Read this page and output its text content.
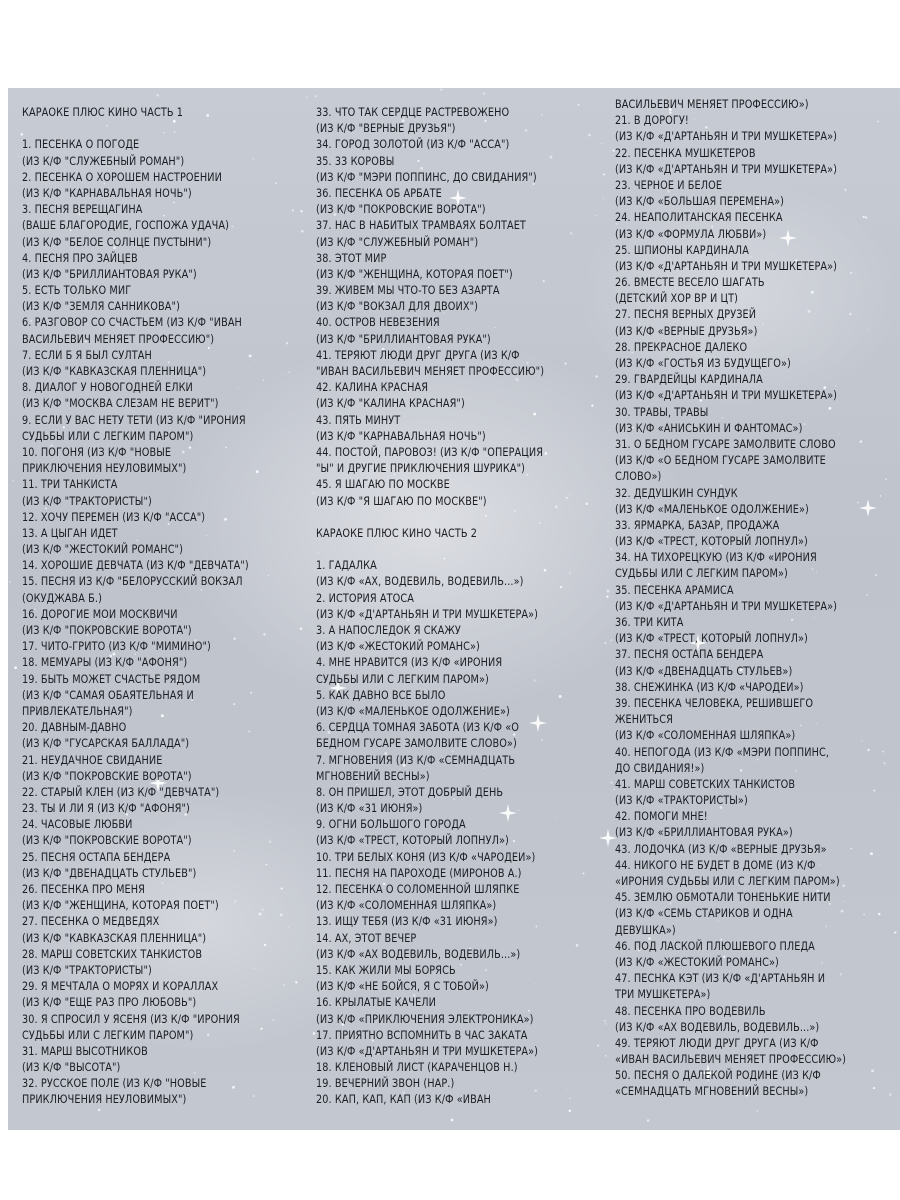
КАРАОКЕ ПЛЮС КИНО ЧАСТЬ 1
1. ПЕСЕНКА О ПОГОДЕ
(ИЗ К/Ф "СЛУЖЕБНЫЙ РОМАН")
2. ПЕСЕНКА О ХОРОШЕМ НАСТРОЕНИИ
(ИЗ К/Ф "КАРНАВАЛЬНАЯ НОЧЬ")
3. ПЕСНЯ ВЕРЕЩАГИНА
(ВАШЕ БЛАГОРОДИЕ, ГОСПОЖА УДАЧА)
(ИЗ К/Ф "БЕЛОЕ СОЛНЦЕ ПУСТЫНИ")
4. ПЕСНЯ ПРО ЗАЙЦЕВ
(ИЗ К/Ф "БРИЛЛИАНТОВАЯ РУКА")
5. ЕСТЬ ТОЛЬКО МИГ
(ИЗ К/Ф "ЗЕМЛЯ САННИКОВА")
6. РАЗГОВОР СО СЧАСТЬЕМ (ИЗ К/Ф "ИВАН
ВАСИЛЬЕВИЧ МЕНЯЕТ ПРОФЕССИЮ")
7. ЕСЛИ Б Я БЫЛ СУЛТАН
(ИЗ К/Ф "КАВКАЗСКАЯ ПЛЕННИЦА")
8. ДИАЛОГ У НОВОГОДНЕЙ ЕЛКИ
(ИЗ К/Ф "МОСКВА СЛЕЗАМ НЕ ВЕРИТ")
9. ЕСЛИ У ВАС НЕТУ ТЕТИ (ИЗ К/Ф "ИРОНИЯ
СУДЬБЫ ИЛИ С ЛЕГКИМ ПАРОМ")
10. ПОГОНЯ (ИЗ К/Ф "НОВЫЕ
ПРИКЛЮЧЕНИЯ НЕУЛОВИМЫХ")
11. ТРИ ТАНКИСТА
(ИЗ К/Ф "ТРАКТОРИСТЫ")
12. ХОЧУ ПЕРЕМЕН (ИЗ К/Ф "АССА")
13. А ЦЫГАН ИДЕТ
(ИЗ К/Ф "ЖЕСТОКИЙ РОМАНС")
14. ХОРОШИЕ ДЕВЧАТА (ИЗ К/Ф "ДЕВЧАТА")
15. ПЕСНЯ ИЗ К/Ф "БЕЛОРУССКИЙ ВОКЗАЛ
(ОКУДЖАВА Б.)
16. ДОРОГИЕ МОИ МОСКВИЧИ
(ИЗ К/Ф "ПОКРОВСКИЕ ВОРОТА")
17. ЧИТО-ГРИТО (ИЗ К/Ф "МИМИНО")
18. МЕМУАРЫ (ИЗ К/Ф "АФОНЯ")
19. БЫТЬ МОЖЕТ СЧАСТЬЕ РЯДОМ
(ИЗ К/Ф "САМАЯ ОБАЯТЕЛЬНАЯ И
ПРИВЛЕКАТЕЛЬНАЯ")
20. ДАВНЫМ-ДАВНО
(ИЗ К/Ф "ГУСАРСКАЯ БАЛЛАДА")
21. НЕУДАЧНОЕ СВИДАНИЕ
(ИЗ К/Ф "ПОКРОВСКИЕ ВОРОТА")
22. СТАРЫЙ КЛЕН (ИЗ К/Ф "ДЕВЧАТА")
23. ТЫ И ЛИ Я (ИЗ К/Ф "АФОНЯ")
24. ЧАСОВЫЕ ЛЮБВИ
(ИЗ К/Ф "ПОКРОВСКИЕ ВОРОТА")
25. ПЕСНЯ ОСТАПА БЕНДЕРА
(ИЗ К/Ф "ДВЕНАДЦАТЬ СТУЛЬЕВ")
26. ПЕСЕНКА ПРО МЕНЯ
(ИЗ К/Ф "ЖЕНЩИНА, КОТОРАЯ ПОЕТ")
27. ПЕСЕНКА О МЕДВЕДЯХ
(ИЗ К/Ф "КАВКАЗСКАЯ ПЛЕННИЦА")
28. МАРШ СОВЕТСКИХ ТАНКИСТОВ
(ИЗ К/Ф "ТРАКТОРИСТЫ")
29. Я МЕЧТАЛА О МОРЯХ И КОРАЛЛАХ
(ИЗ К/Ф "ЕЩЕ РАЗ ПРО ЛЮБОВЬ")
30. Я СПРОСИЛ У ЯСЕНЯ (ИЗ К/Ф "ИРОНИЯ
СУДЬБЫ ИЛИ С ЛЕГКИМ ПАРОМ")
31. МАРШ ВЫСОТНИКОВ
(ИЗ К/Ф "ВЫСОТА")
32. РУССКОЕ ПОЛЕ (ИЗ К/Ф "НОВЫЕ
ПРИКЛЮЧЕНИЯ НЕУЛОВИМЫХ")
33. ЧТО ТАК СЕРДЦЕ РАСТРЕВОЖЕНО
(ИЗ К/Ф "ВЕРНЫЕ ДРУЗЬЯ")
34. ГОРОД ЗОЛОТОЙ (ИЗ К/Ф "АССА")
35. 33 КОРОВЫ
(ИЗ К/Ф "МЭРИ ПОППИНС, ДО СВИДАНИЯ")
36. ПЕСЕНКА ОБ АРБАТЕ
(ИЗ К/Ф "ПОКРОВСКИЕ ВОРОТА")
37. НАС В НАБИТЫХ ТРАМВАЯХ БОЛТАЕТ
(ИЗ К/Ф "СЛУЖЕБНЫЙ РОМАН")
38. ЭТОТ МИР
(ИЗ К/Ф "ЖЕНЩИНА, КОТОРАЯ ПОЕТ")
39. ЖИВЕМ МЫ ЧТО-ТО БЕЗ АЗАРТА
(ИЗ К/Ф "ВОКЗАЛ ДЛЯ ДВОИХ")
40. ОСТРОВ НЕВЕЗЕНИЯ
(ИЗ К/Ф "БРИЛЛИАНТОВАЯ РУКА")
41. ТЕРЯЮТ ЛЮДИ ДРУГ ДРУГА (ИЗ К/Ф
"ИВАН ВАСИЛЬЕВИЧ МЕНЯЕТ ПРОФЕССИЮ")
42. КАЛИНА КРАСНАЯ
(ИЗ К/Ф "КАЛИНА КРАСНАЯ")
43. ПЯТЬ МИНУТ
(ИЗ К/Ф "КАРНАВАЛЬНАЯ НОЧЬ")
44. ПОСТОЙ, ПАРОВОЗ! (ИЗ К/Ф "ОПЕРАЦИЯ
"Ы" И ДРУГИЕ ПРИКЛЮЧЕНИЯ ШУРИКА")
45. Я ШАГАЮ ПО МОСКВЕ
(ИЗ К/Ф "Я ШАГАЮ ПО МОСКВЕ")
КАРАОКЕ ПЛЮС КИНО ЧАСТЬ 2
1. ГАДАЛКА
(ИЗ К/Ф «АХ, ВОДЕВИЛЬ, ВОДЕВИЛЬ...»)
2. ИСТОРИЯ АТОСА
(ИЗ К/Ф «Д'АРТАНЬЯН И ТРИ МУШКЕТЕРА»)
3. А НАПОСЛЕДОК Я СКАЖУ
(ИЗ К/Ф «ЖЕСТОКИЙ РОМАНС»)
4. МНЕ НРАВИТСЯ (ИЗ К/Ф «ИРОНИЯ
СУДЬБЫ ИЛИ С ЛЕГКИМ ПАРОМ»)
5. КАК ДАВНО ВСЕ БЫЛО
(ИЗ К/Ф «МАЛЕНЬКОЕ ОДОЛЖЕНИЕ»)
6. СЕРДЦА ТОМНАЯ ЗАБОТА (ИЗ К/Ф «О
БЕДНОМ ГУСАРЕ ЗАМОЛВИТЕ СЛОВО»)
7. МГНОВЕНИЯ (ИЗ К/Ф «СЕМНАДЦАТЬ
МГНОВЕНИЙ ВЕСНЫ»)
8. ОН ПРИШЕЛ, ЭТОТ ДОБРЫЙ ДЕНЬ
(ИЗ К/Ф «31 ИЮНЯ»)
9. ОГНИ БОЛЬШОГО ГОРОДА
(ИЗ К/Ф «ТРЕСТ, КОТОРЫЙ ЛОПНУЛ»)
10. ТРИ БЕЛЫХ КОНЯ (ИЗ К/Ф «ЧАРОДЕИ»)
11. ПЕСНЯ НА ПАРОХОДЕ (МИРОНОВ А.)
12. ПЕСЕНКА О СОЛОМЕННОЙ ШЛЯПКЕ
(ИЗ К/Ф «СОЛОМЕННАЯ ШЛЯПКА»)
13. ИЩУ ТЕБЯ (ИЗ К/Ф «31 ИЮНЯ»)
14. АХ, ЭТОТ ВЕЧЕР
(ИЗ К/Ф «АХ ВОДЕВИЛЬ, ВОДЕВИЛЬ...»)
15. КАК ЖИЛИ МЫ БОРЯСЬ
(ИЗ К/Ф «НЕ БОЙСЯ, Я С ТОБОЙ»)
16. КРЫЛАТЫЕ КАЧЕЛИ
(ИЗ К/Ф «ПРИКЛЮЧЕНИЯ ЭЛЕКТРОНИКА»)
17. ПРИЯТНО ВСПОМНИТЬ В ЧАС ЗАКАТА
(ИЗ К/Ф «Д'АРТАНЬЯН И ТРИ МУШКЕТЕРА»)
18. КЛЕНОВЫЙ ЛИСТ (КАРАЧЕНЦОВ Н.)
19. ВЕЧЕРНИЙ ЗВОН (НАР.)
20. КАП, КАП, КАП (ИЗ К/Ф «ИВАН
ВАСИЛЬЕВИЧ МЕНЯЕТ ПРОФЕССИЮ»)
21. В ДОРОГУ!
(ИЗ К/Ф «Д'АРТАНЬЯН И ТРИ МУШКЕТЕРА»)
22. ПЕСЕНКА МУШКЕТЕРОВ
(ИЗ К/Ф «Д'АРТАНЬЯН И ТРИ МУШКЕТЕРА»)
23. ЧЕРНОЕ И БЕЛОЕ
(ИЗ К/Ф «БОЛЬШАЯ ПЕРЕМЕНА»)
24. НЕАПОЛИТАНСКАЯ ПЕСЕНКА
(ИЗ К/Ф «ФОРМУЛА ЛЮБВИ»)
25. ШПИОНЫ КАРДИНАЛА
(ИЗ К/Ф «Д'АРТАНЬЯН И ТРИ МУШКЕТЕРА»)
26. ВМЕСТЕ ВЕСЕЛО ШАГАТЬ
(ДЕТСКИЙ ХОР ВР И ЦТ)
27. ПЕСНЯ ВЕРНЫХ ДРУЗЕЙ
(ИЗ К/Ф «ВЕРНЫЕ ДРУЗЬЯ»)
28. ПРЕКРАСНОЕ ДАЛЕКО
(ИЗ К/Ф «ГОСТЬЯ ИЗ БУДУЩЕГО»)
29. ГВАРДЕЙЦЫ КАРДИНАЛА
(ИЗ К/Ф «Д'АРТАНЬЯН И ТРИ МУШКЕТЕРА»)
30. ТРАВЫ, ТРАВЫ
(ИЗ К/Ф «АНИСЬКИН И ФАНТОМАС»)
31. О БЕДНОМ ГУСАРЕ ЗАМОЛВИТЕ СЛОВО
(ИЗ К/Ф «О БЕДНОМ ГУСАРЕ ЗАМОЛВИТЕ
СЛОВО»)
32. ДЕДУШКИН СУНДУК
(ИЗ К/Ф «МАЛЕНЬКОЕ ОДОЛЖЕНИЕ»)
33. ЯРМАРКА, БАЗАР, ПРОДАЖА
(ИЗ К/Ф «ТРЕСТ, КОТОРЫЙ ЛОПНУЛ»)
34. НА ТИХОРЕЦКУЮ (ИЗ К/Ф «ИРОНИЯ
СУДЬБЫ ИЛИ С ЛЕГКИМ ПАРОМ»)
35. ПЕСЕНКА АРАМИСА
(ИЗ К/Ф «Д'АРТАНЬЯН И ТРИ МУШКЕТЕРА»)
36. ТРИ КИТА
(ИЗ К/Ф «ТРЕСТ, КОТОРЫЙ ЛОПНУЛ»)
37. ПЕСНЯ ОСТАПА БЕНДЕРА
(ИЗ К/Ф «ДВЕНАДЦАТЬ СТУЛЬЕВ»)
38. СНЕЖИНКА (ИЗ К/Ф «ЧАРОДЕИ»)
39. ПЕСЕНКА ЧЕЛОВЕКА, РЕШИВШЕГО
ЖЕНИТЬСЯ
(ИЗ К/Ф «СОЛОМЕННАЯ ШЛЯПКА»)
40. НЕПОГОДА (ИЗ К/Ф «МЭРИ ПОППИНС,
ДО СВИДАНИЯ!»)
41. МАРШ СОВЕТСКИХ ТАНКИСТОВ
(ИЗ К/Ф «ТРАКТОРИСТЫ»)
42. ПОМОГИ МНЕ!
(ИЗ К/Ф «БРИЛЛИАНТОВАЯ РУКА»)
43. ЛОДОЧКА (ИЗ К/Ф «ВЕРНЫЕ ДРУЗЬЯ»
44. НИКОГО НЕ БУДЕТ В ДОМЕ (ИЗ К/Ф
«ИРОНИЯ СУДЬБЫ ИЛИ С ЛЕГКИМ ПАРОМ»)
45. ЗЕМЛЮ ОБМОТАЛИ ТОНЕНЬКИЕ НИТИ
(ИЗ К/Ф «СЕМЬ СТАРИКОВ И ОДНА
ДЕВУШКА»)
46. ПОД ЛАСКОЙ ПЛЮШЕВОГО ПЛЕДА
(ИЗ К/Ф «ЖЕСТОКИЙ РОМАНС»)
47. ПЕСНКА КЭТ (ИЗ К/Ф «Д'АРТАНЬЯН И
ТРИ МУШКЕТЕРА»)
48. ПЕСЕНКА ПРО ВОДЕВИЛЬ
(ИЗ К/Ф «АХ ВОДЕВИЛЬ, ВОДЕВИЛЬ...»)
49. ТЕРЯЮТ ЛЮДИ ДРУГ ДРУГА (ИЗ К/Ф
«ИВАН ВАСИЛЬЕВИЧ МЕНЯЕТ ПРОФЕССИЮ»)
50. ПЕСНЯ О ДАЛЕКОЙ РОДИНЕ (ИЗ К/Ф
«СЕМНАДЦАТЬ МГНОВЕНИЙ ВЕСНЫ»)
